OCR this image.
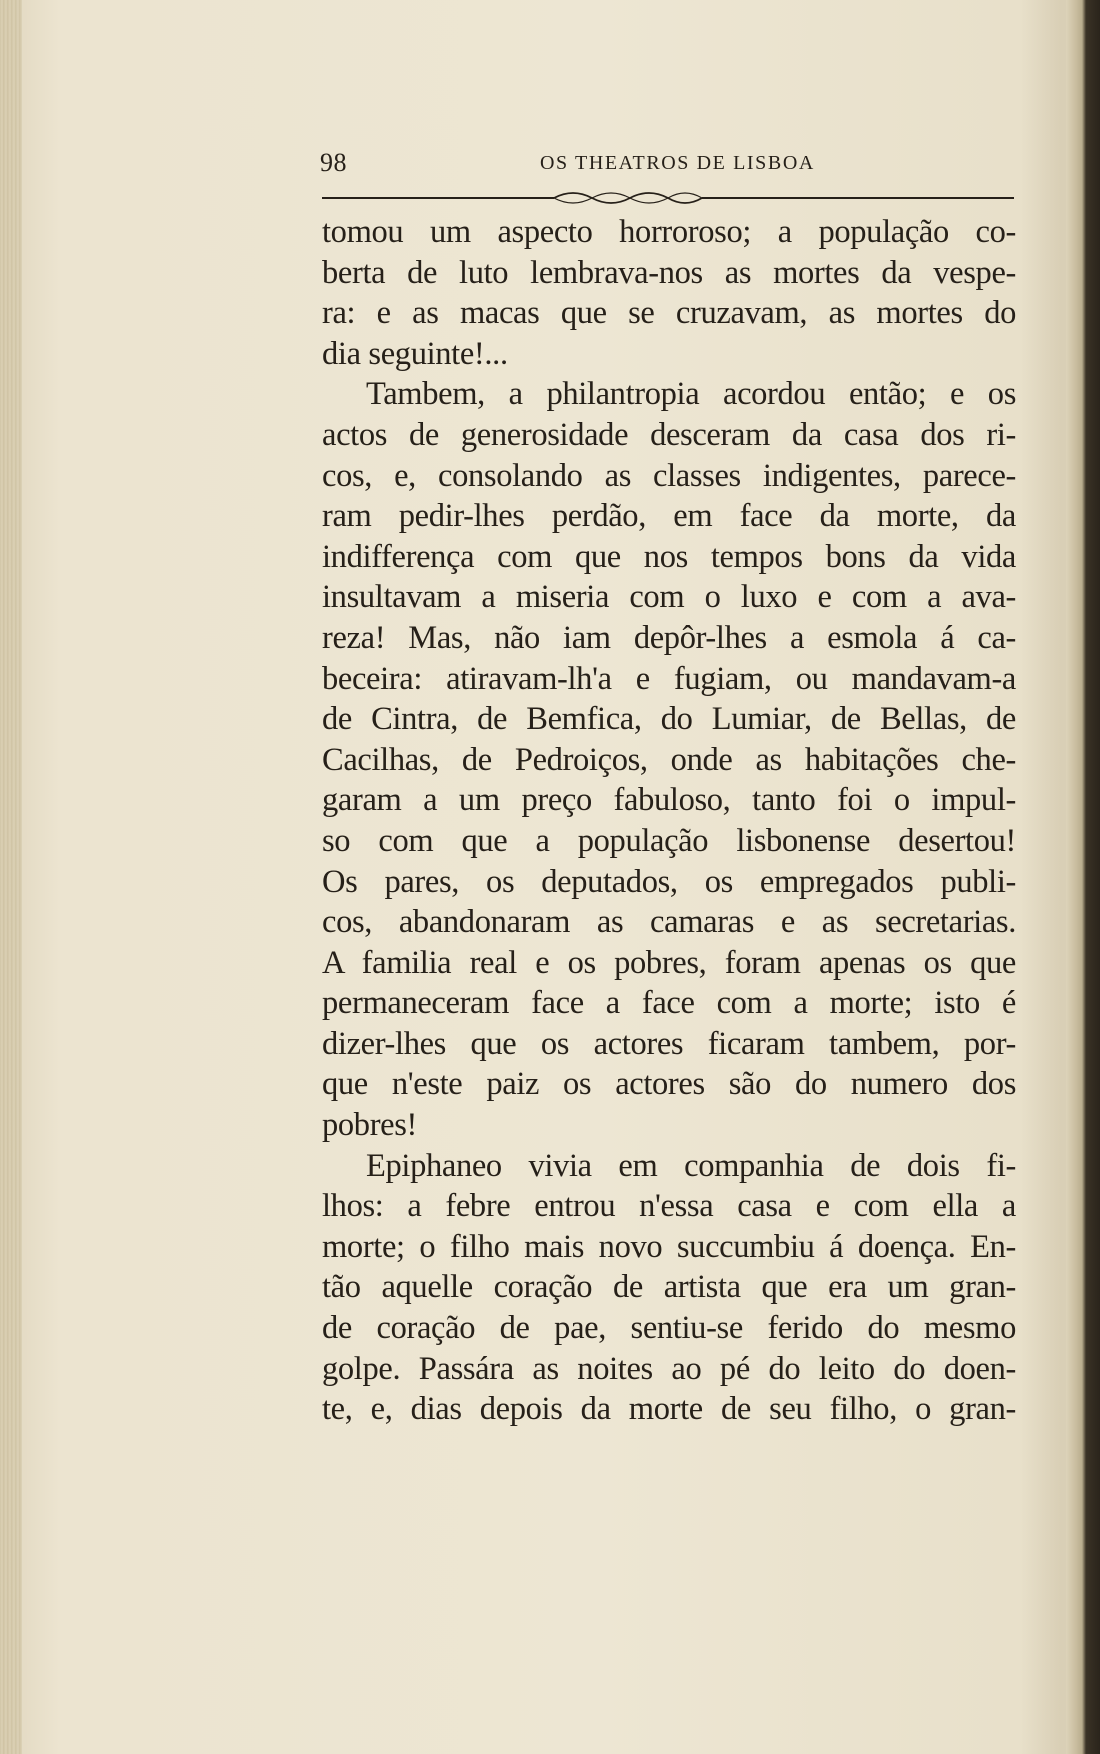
98	OS THEATROS DE LISBOA
tomou um aspecto horroroso; a população co-
berta de luto lembrava-nos as mortes da vespe-
ra: e as macas que se cruzavam, as mortes do
dia seguinte!...
Tambem, a philantropia acordou então; e os
actos de generosidade desceram da casa dos ri-
cos, e, consolando as classes indigentes, parece-
ram pedir-lhes perdão, em face da morte, da
indifferença com que nos tempos bons da vida
insultavam a miseria com o luxo e com a ava-
reza! Mas, não iam depôr-lhes a esmola á ca-
beceira: atiravam-lh'a e fugiam, ou mandavam-a
de Cintra, de Bemfica, do Lumiar, de Bellas, de
Cacilhas, de Pedroiços, onde as habitações che-
garam a um preço fabuloso, tanto foi o impul-
so com que a população lisbonense desertou!
Os pares, os deputados, os empregados publi-
cos, abandonaram as camaras e as secretarias.
A familia real e os pobres, foram apenas os que
permaneceram face a face com a morte; isto é
dizer-lhes que os actores ficaram tambem, por-
que n'este paiz os actores são do numero dos
pobres!
Epiphaneo vivia em companhia de dois fi-
lhos: a febre entrou n'essa casa e com ella a
morte; o filho mais novo succumbiu á doença. En-
tão aquelle coração de artista que era um gran-
de coração de pae, sentiu-se ferido do mesmo
golpe. Passára as noites ao pé do leito do doen-
te, e, dias depois da morte de seu filho, o gran-
